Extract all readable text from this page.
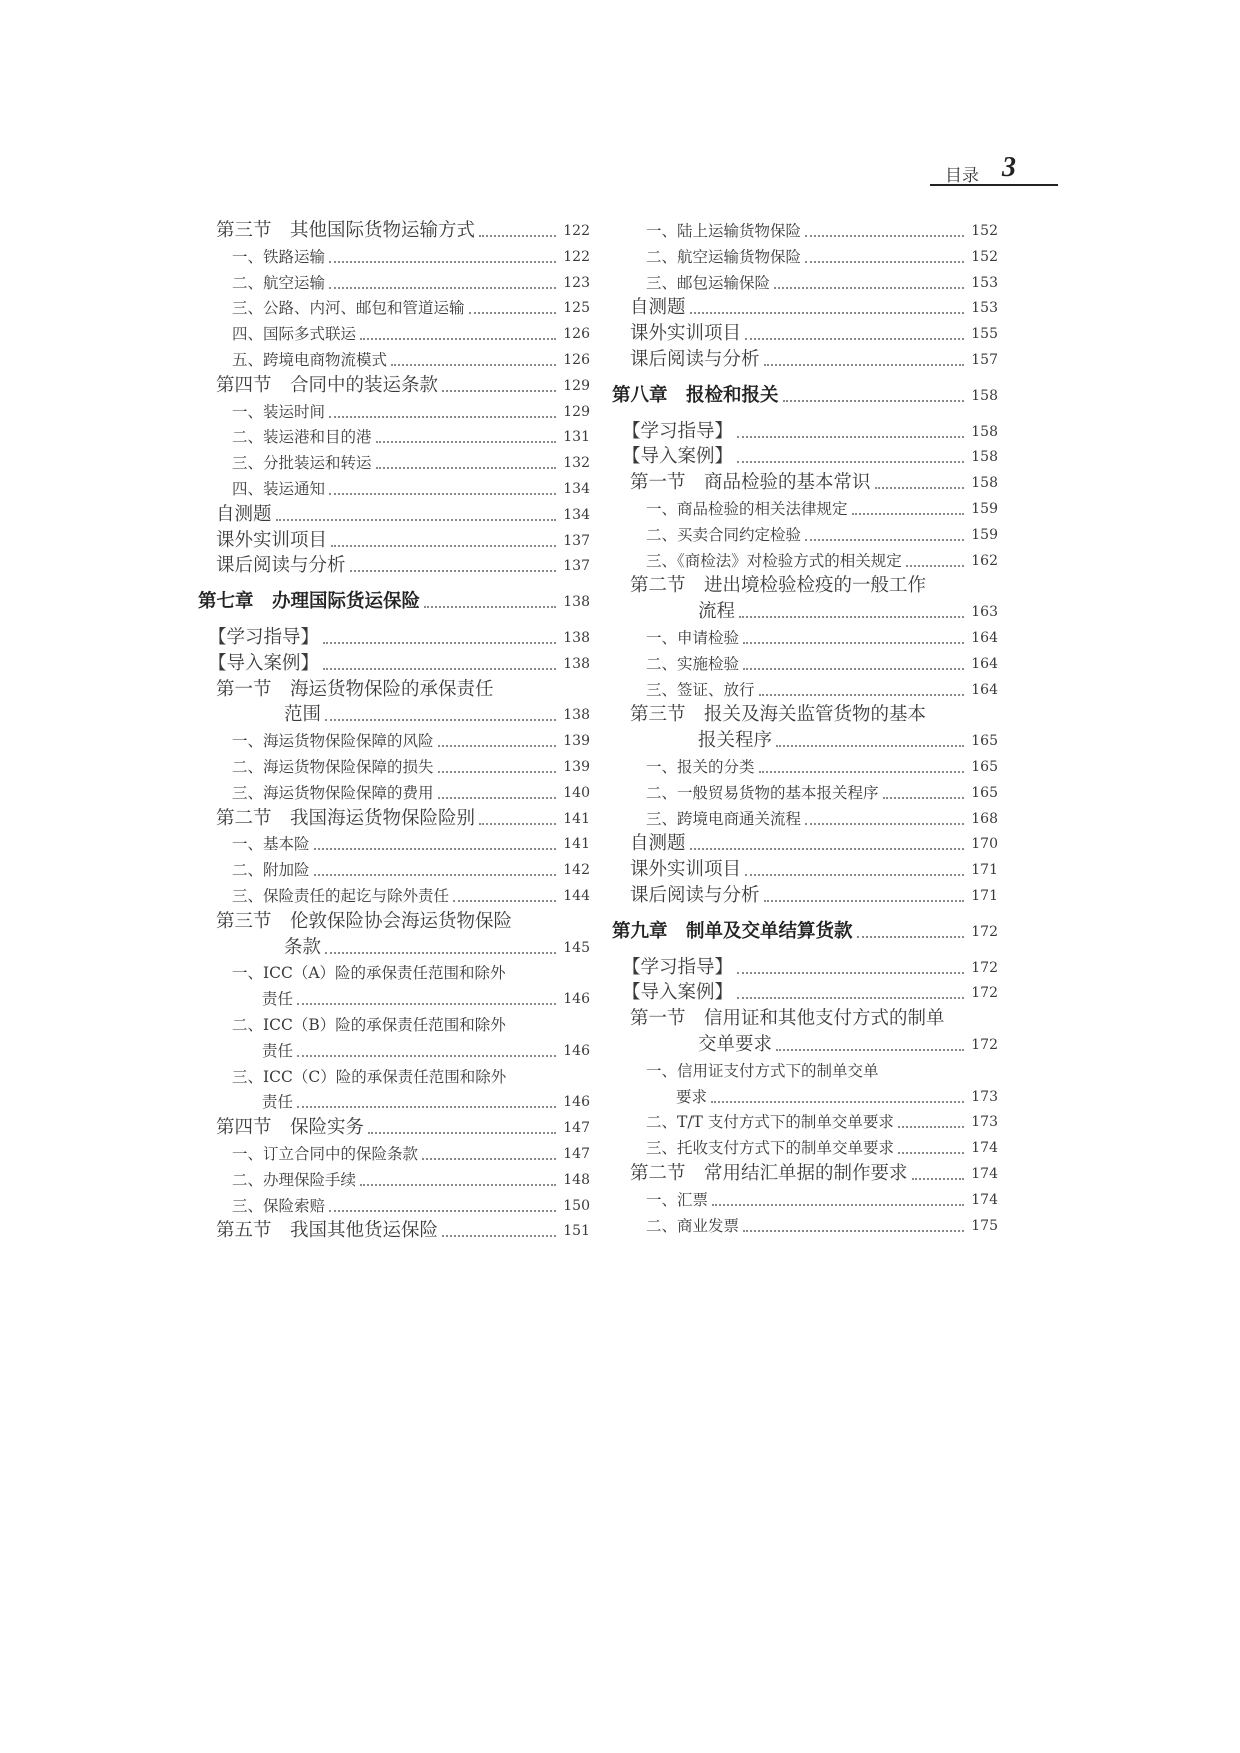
目录 3
第三节　其他国际货物运输方式	122
一、铁路运输	122
二、航空运输	123
三、公路、内河、邮包和管道运输	125
四、国际多式联运	126
五、跨境电商物流模式	126
第四节　合同中的装运条款	129
一、装运时间	129
二、装运港和目的港	131
三、分批装运和转运	132
四、装运通知	134
自测题	134
课外实训项目	137
课后阅读与分析	137
第七章　办理国际货运保险	138
【学习指导】	138
【导入案例】	138
第一节　海运货物保险的承保责任
范围	138
一、海运货物保险保障的风险	139
二、海运货物保险保障的损失	139
三、海运货物保险保障的费用	140
第二节　我国海运货物保险险别	141
一、基本险	141
二、附加险	142
三、保险责任的起讫与除外责任	144
第三节　伦敦保险协会海运货物保险
条款	145
一、ICC（A）险的承保责任范围和除外
责任	146
二、ICC（B）险的承保责任范围和除外
责任	146
三、ICC（C）险的承保责任范围和除外
责任	146
第四节　保险实务	147
一、订立合同中的保险条款	147
二、办理保险手续	148
三、保险索赔	150
第五节　我国其他货运保险	151
一、陆上运输货物保险	152
二、航空运输货物保险	152
三、邮包运输保险	153
自测题	153
课外实训项目	155
课后阅读与分析	157
第八章　报检和报关	158
【学习指导】	158
【导入案例】	158
第一节　商品检验的基本常识	158
一、商品检验的相关法律规定	159
二、买卖合同约定检验	159
三、《商检法》对检验方式的相关规定	162
第二节　进出境检验检疫的一般工作
流程	163
一、申请检验	164
二、实施检验	164
三、签证、放行	164
第三节　报关及海关监管货物的基本
报关程序	165
一、报关的分类	165
二、一般贸易货物的基本报关程序	165
三、跨境电商通关流程	168
自测题	170
课外实训项目	171
课后阅读与分析	171
第九章　制单及交单结算货款	172
【学习指导】	172
【导入案例】	172
第一节　信用证和其他支付方式的制单
交单要求	172
一、信用证支付方式下的制单交单
要求	173
二、T/T 支付方式下的制单交单要求	173
三、托收支付方式下的制单交单要求	174
第二节　常用结汇单据的制作要求	174
一、汇票	174
二、商业发票	175
